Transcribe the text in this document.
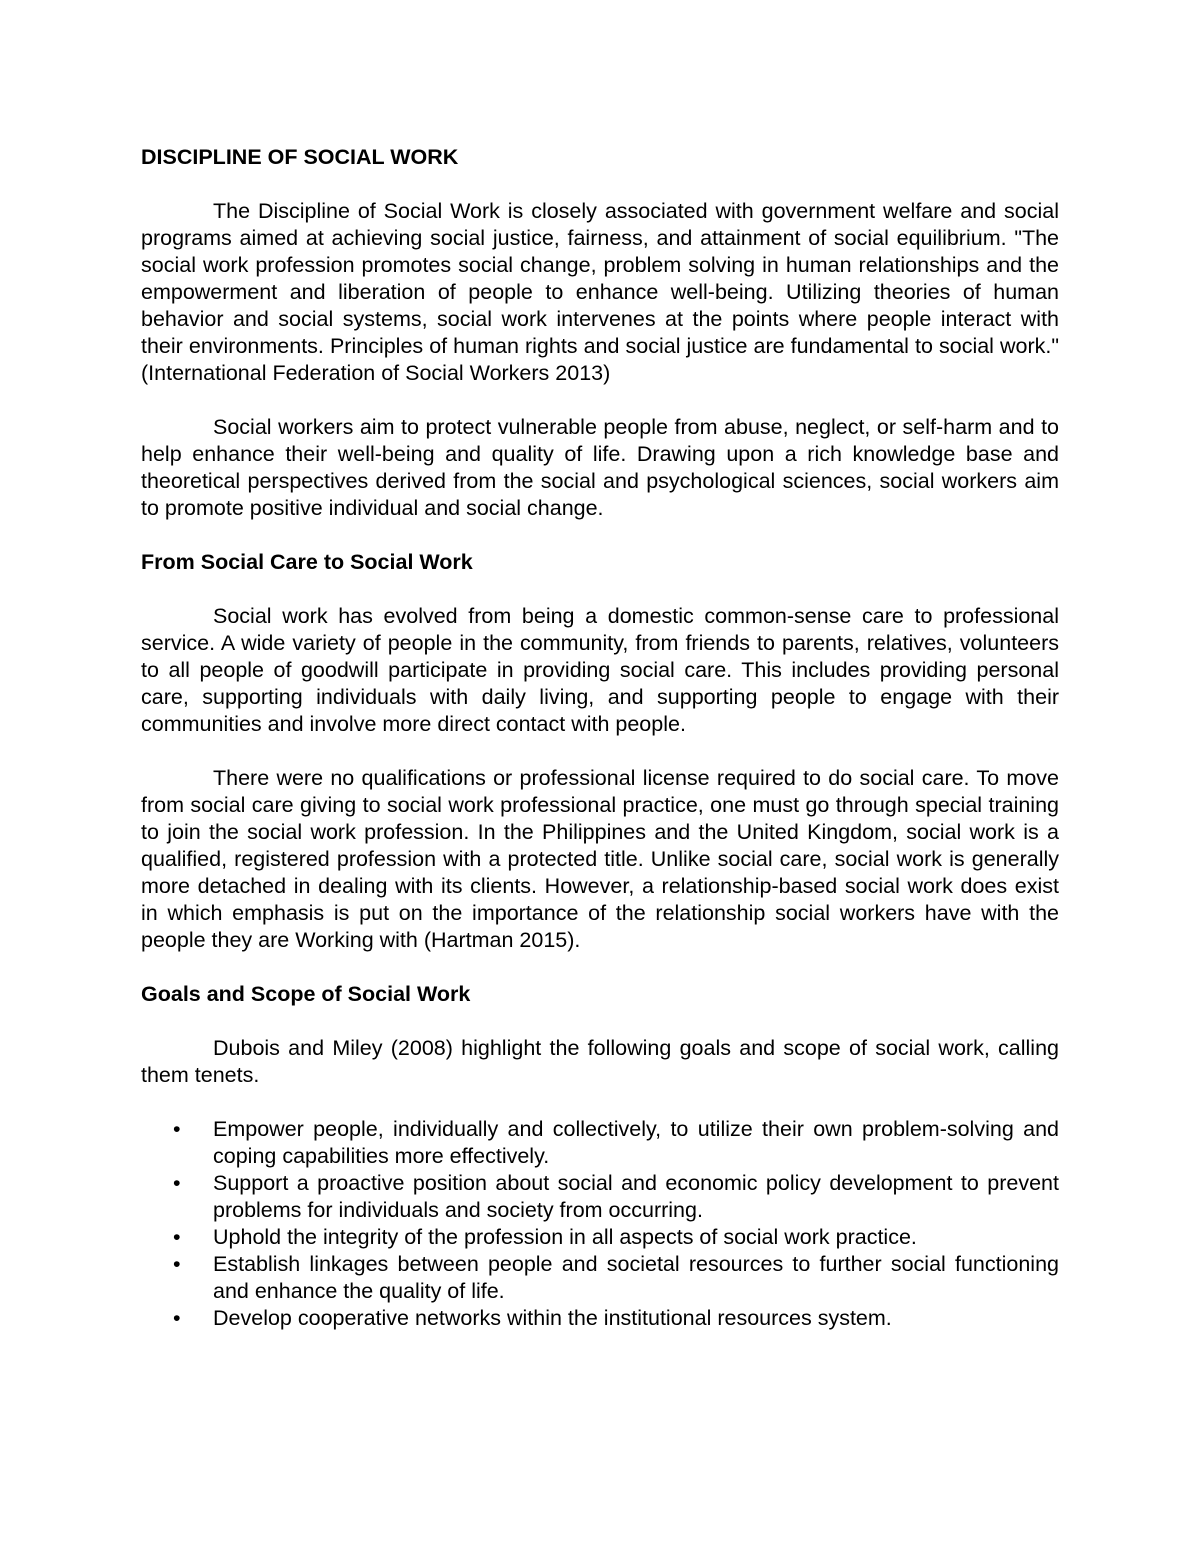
DISCIPLINE OF SOCIAL WORK

The Discipline of Social Work is closely associated with government welfare and social programs aimed at achieving social justice, fairness, and attainment of social equilibrium. "The social work profession promotes social change, problem solving in human relationships and the empowerment and liberation of people to enhance well-being. Utilizing theories of human behavior and social systems, social work intervenes at the points where people interact with their environments. Principles of human rights and social justice are fundamental to social work." (International Federation of Social Workers 2013)

Social workers aim to protect vulnerable people from abuse, neglect, or self-harm and to help enhance their well-being and quality of life. Drawing upon a rich knowledge base and theoretical perspectives derived from the social and psychological sciences, social workers aim to promote positive individual and social change.

From Social Care to Social Work

Social work has evolved from being a domestic common-sense care to professional service. A wide variety of people in the community, from friends to parents, relatives, volunteers to all people of goodwill participate in providing social care. This includes providing personal care, supporting individuals with daily living, and supporting people to engage with their communities and involve more direct contact with people.

There were no qualifications or professional license required to do social care. To move from social care giving to social work professional practice, one must go through special training to join the social work profession. In the Philippines and the United Kingdom, social work is a qualified, registered profession with a protected title. Unlike social care, social work is generally more detached in dealing with its clients. However, a relationship-based social work does exist in which emphasis is put on the importance of the relationship social workers have with the people they are Working with (Hartman 2015).

Goals and Scope of Social Work

Dubois and Miley (2008) highlight the following goals and scope of social work, calling them tenets.

• Empower people, individually and collectively, to utilize their own problem-solving and coping capabilities more effectively.
• Support a proactive position about social and economic policy development to prevent problems for individuals and society from occurring.
• Uphold the integrity of the profession in all aspects of social work practice.
• Establish linkages between people and societal resources to further social functioning and enhance the quality of life.
• Develop cooperative networks within the institutional resources system.
